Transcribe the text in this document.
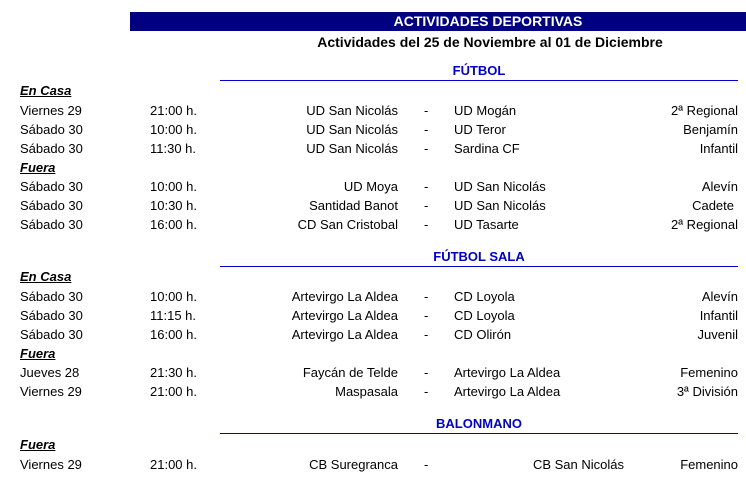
ACTIVIDADES DEPORTIVAS
Actividades del 25 de Noviembre al 01 de Diciembre
FÚTBOL
En Casa
Viernes 29	21:00 h.	UD San Nicolás - UD Mogán	2ª Regional
Sábado 30	10:00 h.	UD San Nicolás - UD Teror	Benjamín
Sábado 30	11:30 h.	UD San Nicolás - Sardina CF	Infantil
Fuera
Sábado 30	10:00 h.	UD Moya - UD San Nicolás	Alevín
Sábado 30	10:30 h.	Santidad Banot - UD San Nicolás	Cadete
Sábado 30	16:00 h.	CD San Cristobal - UD Tasarte	2ª Regional
FÚTBOL SALA
En Casa
Sábado 30	10:00 h.	Artevirgo La Aldea - CD Loyola	Alevín
Sábado 30	11:15 h.	Artevirgo La Aldea - CD Loyola	Infantil
Sábado 30	16:00 h.	Artevirgo La Aldea - CD Olirón	Juvenil
Fuera
Jueves 28	21:30 h.	Faycán de Telde - Artevirgo La Aldea	Femenino
Viernes 29	21:00 h.	Maspasala - Artevirgo La Aldea	3ª División
BALONMANO
Fuera
Viernes 29	21:00 h.	CB Suregranca -	CB San Nicolás	Femenino
